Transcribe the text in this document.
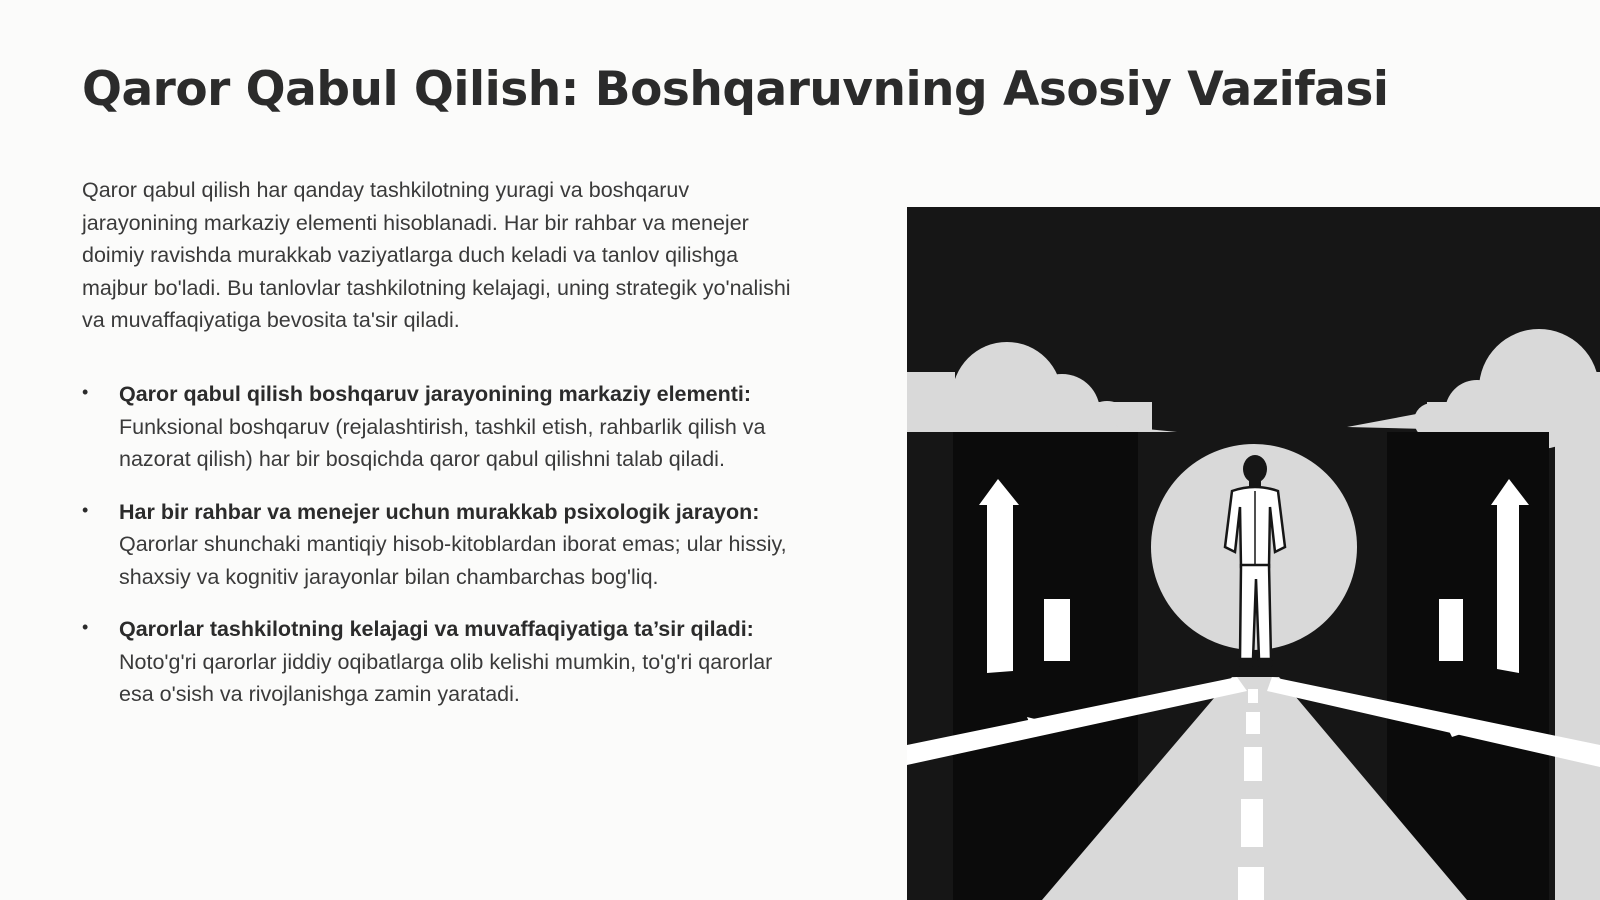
Qaror Qabul Qilish: Boshqaruvning Asosiy Vazifasi

Qaror qabul qilish har qanday tashkilotning yuragi va boshqaruv jarayonining markaziy elementi hisoblanadi. Har bir rahbar va menejer doimiy ravishda murakkab vaziyatlarga duch keladi va tanlov qilishga majbur bo'ladi. Bu tanlovlar tashkilotning kelajagi, uning strategik yo'nalishi va muvaffaqiyatiga bevosita ta'sir qiladi.

• Qaror qabul qilish boshqaruv jarayonining markaziy elementi: Funksional boshqaruv (rejalashtirish, tashkil etish, rahbarlik qilish va nazorat qilish) har bir bosqichda qaror qabul qilishni talab qiladi.
• Har bir rahbar va menejer uchun murakkab psixologik jarayon: Qarorlar shunchaki mantiqiy hisob-kitoblardan iborat emas; ular hissiy, shaxsiy va kognitiv jarayonlar bilan chambarchas bog'liq.
• Qarorlar tashkilotning kelajagi va muvaffaqiyatiga ta’sir qiladi: Noto'g'ri qarorlar jiddiy oqibatlarga olib kelishi mumkin, to'g'ri qarorlar esa o'sish va rivojlanishga zamin yaratadi.
